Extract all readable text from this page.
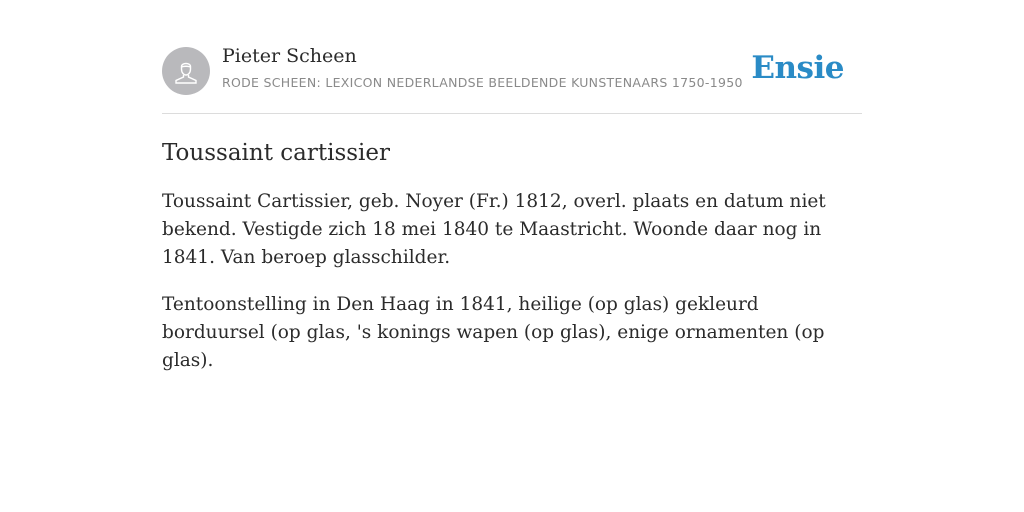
Pieter Scheen
RODE SCHEEN: LEXICON NEDERLANDSE BEELDENDE KUNSTENAARS 1750-1950 Ensie
Toussaint cartissier

Toussaint Cartissier, geb. Noyer (Fr.) 1812, overl. plaats en datum niet bekend. Vestigde zich 18 mei 1840 te Maastricht. Woonde daar nog in 1841. Van beroep glasschilder.

Tentoonstelling in Den Haag in 1841, heilige (op glas) gekleurd borduursel (op glas, 's konings wapen (op glas), enige ornamenten (op glas).
